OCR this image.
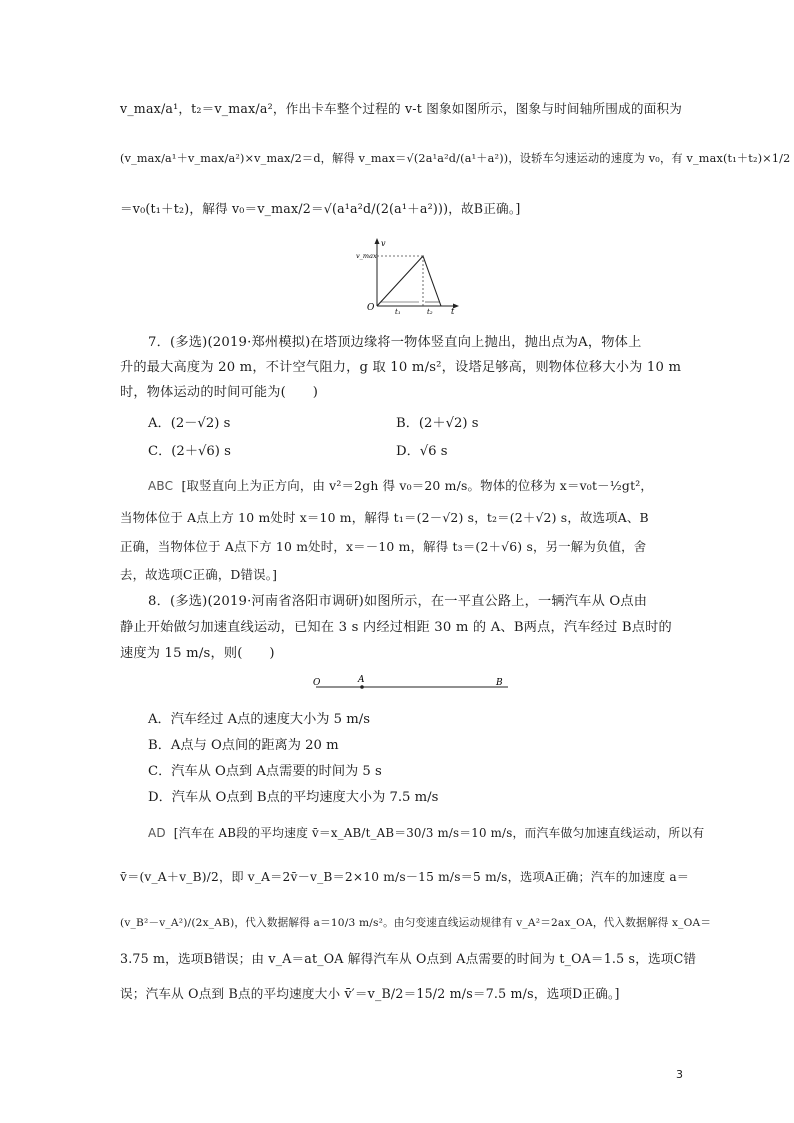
v_max/a¹，t₂＝v_max/a²，作出卡车整个过程的 v-t 图象如图所示，图象与时间轴所围成的面积为
(v_max/a¹＋v_max/a²)×v_max/2＝d，解得 v_max＝√(2a¹a²d/(a¹＋a²))，设轿车匀速运动的速度为 v₀，有 v_max(t₁＋t₂)×1/2
＝v₀(t₁＋t₂)，解得 v₀＝v_max/2＝√(a¹a²d/(2(a¹＋a²)))，故B正确。]
v
v_max
O	t
t₁	t₂
7．(多选)(2019·郑州模拟)在塔顶边缘将一物体竖直向上抛出，抛出点为A，物体上
升的最大高度为 20 m，不计空气阻力，g 取 10 m/s²，设塔足够高，则物体位移大小为 10 m
时，物体运动的时间可能为(　　)
A．(2－√2) s	B．(2＋√2) s
C．(2＋√6) s	D．√6 s
ABC [取竖直向上为正方向，由 v²＝2gh 得 v₀＝20 m/s。物体的位移为 x＝v₀t－½gt²，
当物体位于 A点上方 10 m处时 x＝10 m，解得 t₁＝(2－√2) s，t₂＝(2＋√2) s，故选项A、B
正确，当物体位于 A点下方 10 m处时，x＝－10 m，解得 t₃＝(2＋√6) s，另一解为负值，舍
去，故选项C正确，D错误。]
8．(多选)(2019·河南省洛阳市调研)如图所示，在一平直公路上，一辆汽车从 O点由
静止开始做匀加速直线运动，已知在 3 s 内经过相距 30 m 的 A、B两点，汽车经过 B点时的
速度为 15 m/s，则(　　)
O	A	B
A．汽车经过 A点的速度大小为 5 m/s
B．A点与 O点间的距离为 20 m
C．汽车从 O点到 A点需要的时间为 5 s
D．汽车从 O点到 B点的平均速度大小为 7.5 m/s
AD [汽车在 AB段的平均速度 v̄＝x_AB/t_AB＝30/3 m/s＝10 m/s，而汽车做匀加速直线运动，所以有
v̄＝(v_A＋v_B)/2，即 v_A＝2v̄－v_B＝2×10 m/s－15 m/s＝5 m/s，选项A正确；汽车的加速度 a＝
(v_B²－v_A²)/(2x_AB)，代入数据解得 a＝10/3 m/s²。由匀变速直线运动规律有 v_A²＝2ax_OA，代入数据解得 x_OA＝
3.75 m，选项B错误；由 v_A＝at_OA 解得汽车从 O点到 A点需要的时间为 t_OA＝1.5 s，选项C错
误；汽车从 O点到 B点的平均速度大小 v̄′＝v_B/2＝15/2 m/s＝7.5 m/s，选项D正确。]
3
